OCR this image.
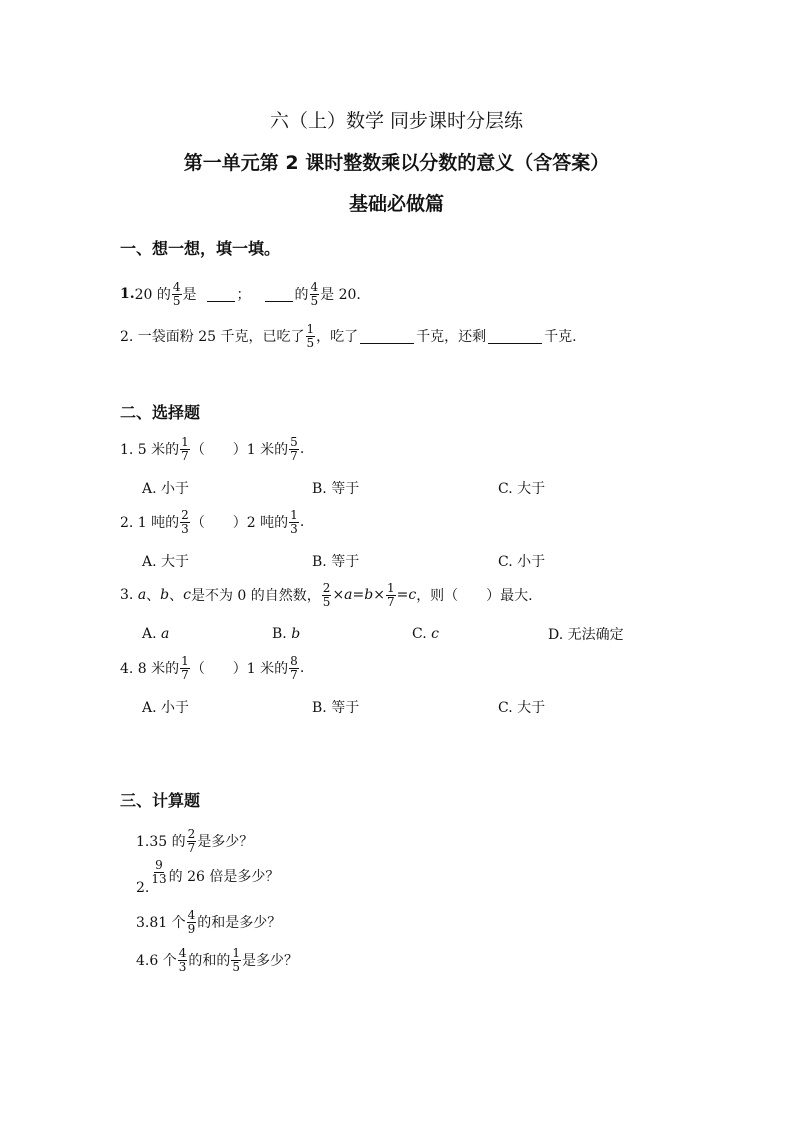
六（上）数学 同步课时分层练
第一单元第 2 课时整数乘以分数的意义（含答案）
基础必做篇
一、想一想，填一填。
1. 20 的 $\frac{4}{5}$ 是	；	的 $\frac{4}{5}$ 是 20.
2. 一袋面粉 25 千克，已吃了 $\frac{1}{5}$ ，吃了	千克，还剩	千克.
二、选择题
1. 5 米的 $\frac{1}{7}$ （　　）1 米的 $\frac{5}{7}$ .
A. 小于	B. 等于	C. 大于
2. 1 吨的 $\frac{2}{3}$ （　　）2 吨的 $\frac{1}{3}$ .
A. 大于	B. 等于	C. 小于
3.
a 、 b 、 c 是不为 0 的自然数， $\frac{2}{5} \times a = b \times \frac{1}{7} = c$ ，则（　　）最大.
A.
a	B.
b	C.
c	D. 无法确定
4. 8 米的 $\frac{1}{7}$ （　　）1 米的 $\frac{8}{7}$ .
A. 小于	B. 等于	C. 大于
三、计算题
1.35 的 $\frac{2}{7}$ 是多少？
2.
$\frac{9}{13}$ 的 26 倍是多少？
3.81 个 $\frac{4}{9}$ 的和是多少？
4.6 个 $\frac{4}{3}$ 的和的 $\frac{1}{5}$ 是多少？
